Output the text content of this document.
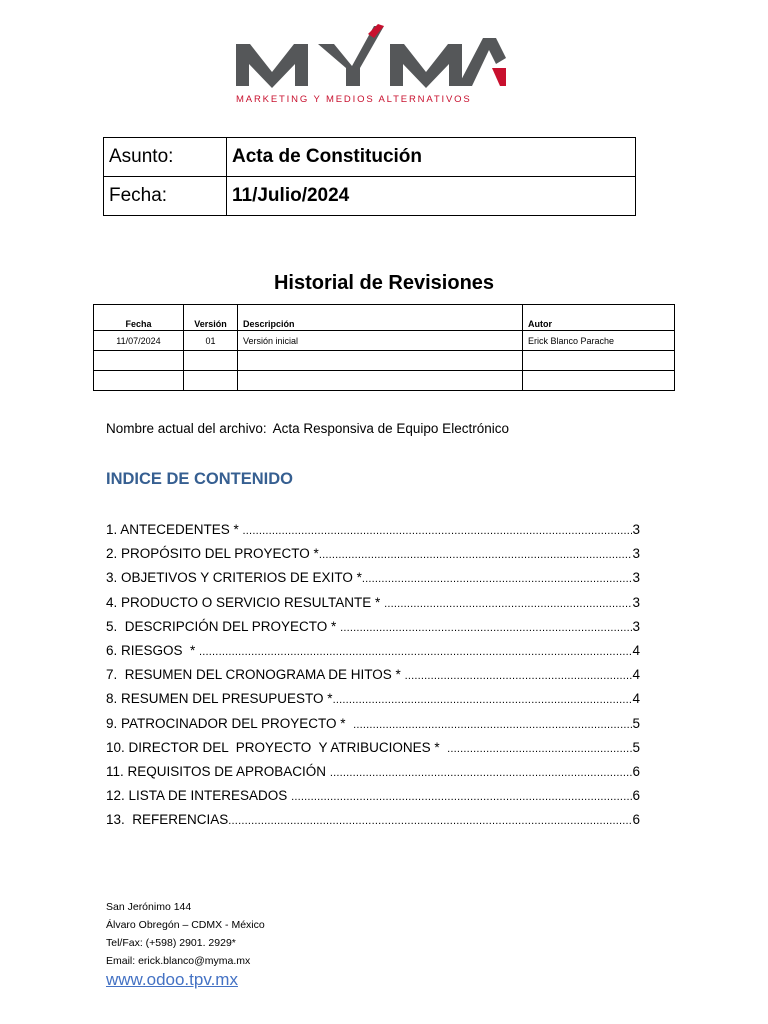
MARKETING Y MEDIOS ALTERNATIVOS
Asunto:	Acta de Constitución
Fecha:	11/Julio/2024
Historial de Revisiones
Fecha	Versión	Descripción	Autor
11/07/2024	01	Versión inicial	Erick Blanco Parache

Nombre actual del archivo: Acta Responsiva de Equipo Electrónico
INDICE DE CONTENIDO
1. ANTECEDENTES * .....	3
2. PROPÓSITO DEL PROYECTO * .....	3
3. OBJETIVOS Y CRITERIOS DE EXITO * .....	3
4. PRODUCTO O SERVICIO RESULTANTE * .....	3
5.  DESCRIPCIÓN DEL PROYECTO * .....	3
6. RIESGOS  * .....	4
7.  RESUMEN DEL CRONOGRAMA DE HITOS * .....	4
8. RESUMEN DEL PRESUPUESTO * .....	4
9. PATROCINADOR DEL PROYECTO * .....	5
10. DIRECTOR DEL  PROYECTO  Y ATRIBUCIONES * .....	5
11. REQUISITOS DE APROBACIÓN .....	6
12. LISTA DE INTERESADOS .....	6
13.  REFERENCIAS .....	6
San Jerónimo 144
Álvaro Obregón – CDMX - México
Tel/Fax: (+598) 2901. 2929*
Email: erick.blanco@myma.mx
www.odoo.tpv.mx
